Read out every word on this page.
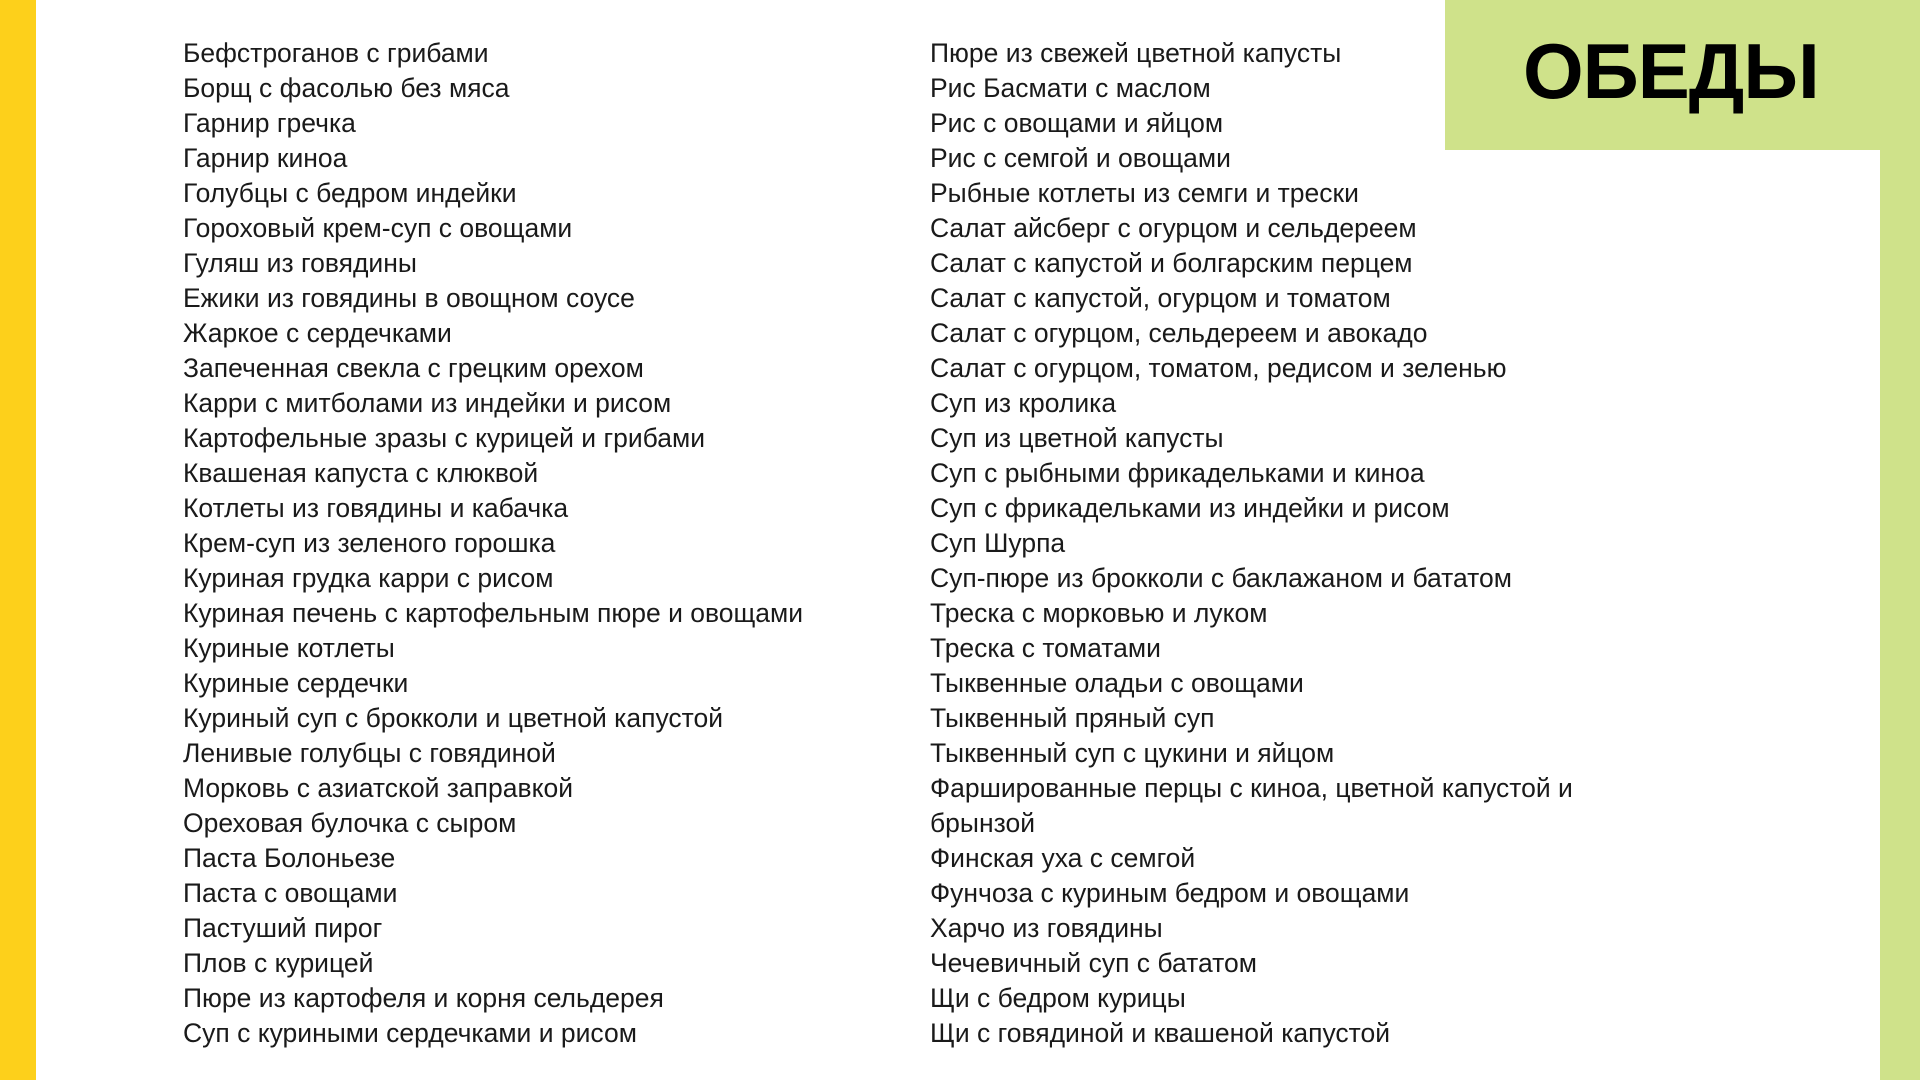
ОБЕДЫ
Бефстроганов с грибами
Борщ с фасолью без мяса
Гарнир гречка
Гарнир киноа
Голубцы с бедром индейки
Гороховый крем-суп с овощами
Гуляш из говядины
Ежики из говядины в овощном соусе
Жаркое с сердечками
Запеченная свекла с грецким орехом
Карри с митболами из индейки и рисом
Картофельные зразы с курицей и грибами
Квашеная капуста с клюквой
Котлеты из говядины и кабачка
Крем-суп из зеленого горошка
Куриная грудка карри с рисом
Куриная печень с картофельным пюре и овощами
Куриные котлеты
Куриные сердечки
Куриный суп с брокколи и цветной капустой
Ленивые голубцы с говядиной
Морковь с азиатской заправкой
Ореховая булочка с сыром
Паста Болоньезе
Паста с овощами
Пастуший пирог
Плов с курицей
Пюре из картофеля и корня сельдерея
Суп с куриными сердечками и рисом
Пюре из свежей цветной капусты
Рис Басмати с маслом
Рис с овощами и яйцом
Рис с семгой и овощами
Рыбные котлеты из семги и трески
Салат айсберг с огурцом и сельдереем
Салат с капустой и болгарским перцем
Салат с капустой, огурцом и томатом
Салат с огурцом, сельдереем и авокадо
Салат с огурцом, томатом, редисом и зеленью
Суп из кролика
Суп из цветной капусты
Суп с рыбными фрикадельками и киноа
Суп с фрикадельками из индейки и рисом
Суп Шурпа
Суп-пюре из брокколи с баклажаном и бататом
Треска с морковью и луком
Треска с томатами
Тыквенные оладьи с овощами
Тыквенный пряный суп
Тыквенный суп с цукини и яйцом
Фаршированные перцы с киноа, цветной капустой и
брынзой
Финская уха с семгой
Фунчоза с куриным бедром и овощами
Харчо из говядины
Чечевичный суп с бататом
Щи с бедром курицы
Щи с говядиной и квашеной капустой
